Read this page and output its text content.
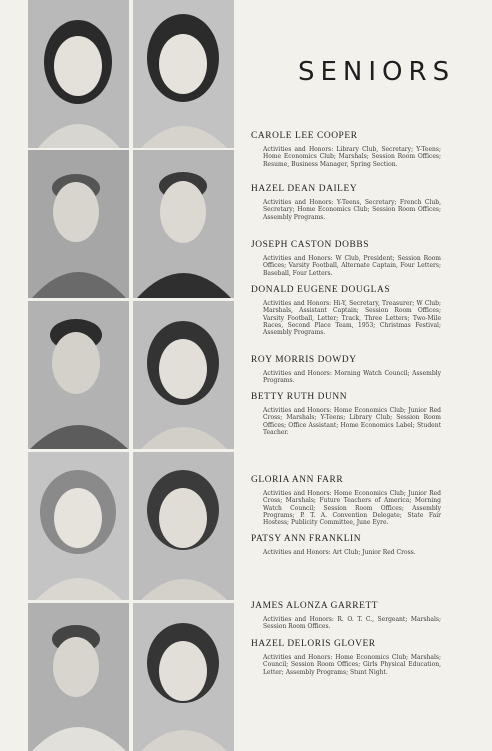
SENIORS
CAROLE LEE COOPER
Activities and Honors: Library Club, Secretary; Y-Teens; Home Economics Club; Marshals; Session Room Offices; Resume, Business Manager, Spring Section.
HAZEL DEAN DAILEY
Activities and Honors: Y-Teens, Secretary; French Club, Secretary; Home Economics Club; Session Room Offices; Assembly Programs.
JOSEPH CASTON DOBBS
Activities and Honors: W Club, President; Session Room Offices; Varsity Football, Alternate Captain, Four Letters; Baseball, Four Letters.
DONALD EUGENE DOUGLAS
Activities and Honors: Hi-Y, Secretary, Treasurer; W Club; Marshals, Assistant Captain; Session Room Offices; Varsity Football, Letter; Track, Three Letters; Two-Mile Races, Second Place Team, 1953; Christmas Festival; Assembly Programs.
ROY MORRIS DOWDY
Activities and Honors: Morning Watch Council; Assembly Programs.
BETTY RUTH DUNN
Activities and Honors: Home Economics Club; Junior Red Cross; Marshals; Y-Teens; Library Club; Session Room Offices; Office Assistant; Home Economics Label; Student Teacher.
GLORIA ANN FARR
Activities and Honors: Home Economics Club; Junior Red Cross; Marshals; Future Teachers of America; Morning Watch Council; Session Room Offices; Assembly Programs; P. T. A. Convention Delegate; State Fair Hostess; Publicity Committee, June Eyre.
PATSY ANN FRANKLIN
Activities and Honors: Art Club; Junior Red Cross.
JAMES ALONZA GARRETT
Activities and Honors: R. O. T. C., Sergeant; Marshals; Session Room Offices.
HAZEL DELORIS GLOVER
Activities and Honors: Home Economics Club; Marshals; Council; Session Room Offices; Girls Physical Education, Letter; Assembly Programs; Stunt Night.
